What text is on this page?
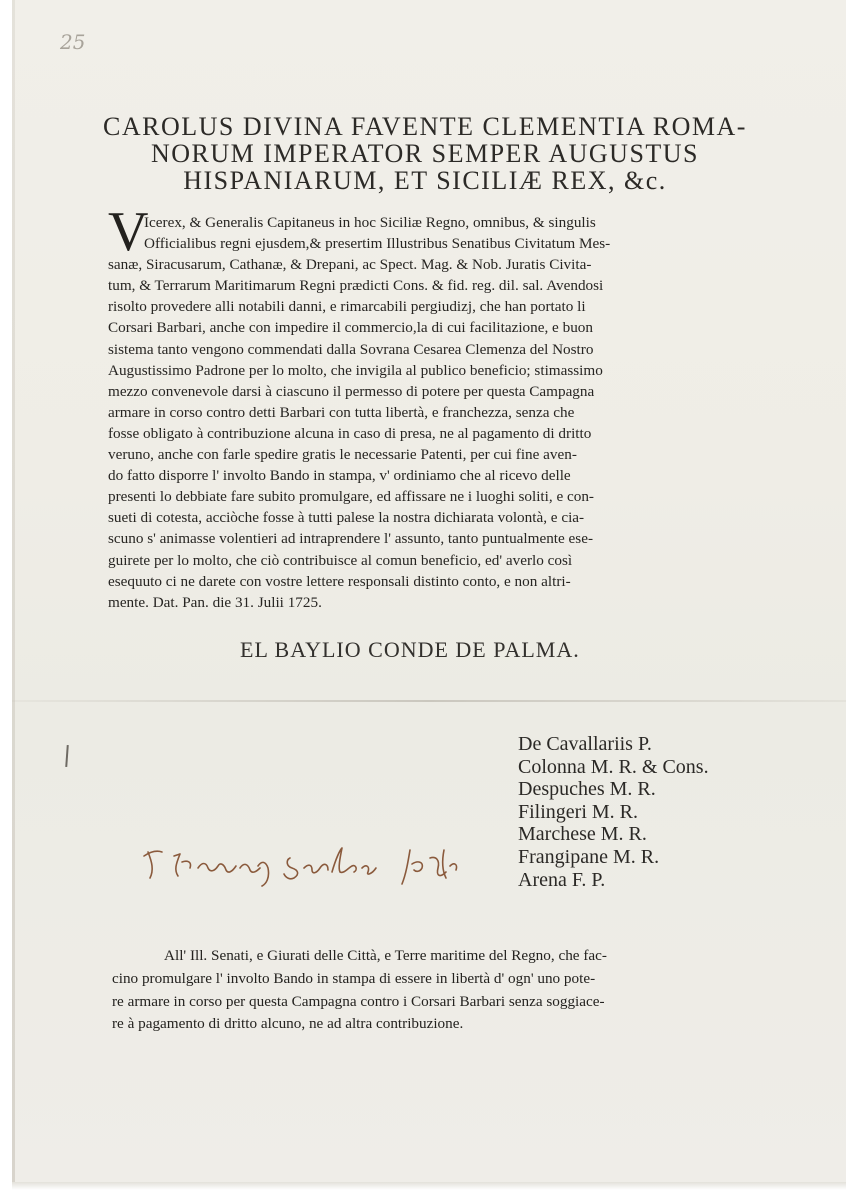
25
CAROLUS DIVINA FAVENTE CLEMENTIA ROMA-
NORUM IMPERATOR SEMPER AUGUSTUS
HISPANIARUM, ET SICILIÆ REX, &c.
V
Icerex, & Generalis Capitaneus in hoc Siciliæ Regno, omnibus, & singulis
Officialibus regni ejusdem,& presertim Illustribus Senatibus Civitatum Mes-
sanæ, Siracusarum, Cathanæ, & Drepani, ac Spect. Mag. & Nob. Juratis Civita-
tum, & Terrarum Maritimarum Regni prædicti Cons. & fid. reg. dil. sal. Avendosi
risolto provedere alli notabili danni, e rimarcabili pergiudizj, che han portato li
Corsari Barbari, anche con impedire il commercio,la di cui facilitazione, e buon
sistema tanto vengono commendati dalla Sovrana Cesarea Clemenza del Nostro
Augustissimo Padrone per lo molto, che invigila al publico beneficio; stimassimo
mezzo convenevole darsi à ciascuno il permesso di potere per questa Campagna
armare in corso contro detti Barbari con tutta libertà, e franchezza, senza che
fosse obligato à contribuzione alcuna in caso di presa, ne al pagamento di dritto
veruno, anche con farle spedire gratis le necessarie Patenti, per cui fine aven-
do fatto disporre l' involto Bando in stampa, v' ordiniamo che al ricevo delle
presenti lo debbiate fare subito promulgare, ed affissare ne i luoghi soliti, e con-
sueti di cotesta, acciòche fosse à tutti palese la nostra dichiarata volontà, e cia-
scuno s' animasse volentieri ad intraprendere l' assunto, tanto puntualmente ese-
guirete per lo molto, che ciò contribuisce al comun beneficio, ed' averlo così
esequuto ci ne darete con vostre lettere responsali distinto conto, e non altri-
mente. Dat. Pan. die 31. Julii 1725.
EL BAYLIO CONDE DE PALMA.
De Cavallariis P.
Colonna M. R. & Cons.
Despuches M. R.
Filingeri M. R.
Marchese M. R.
Frangipane M. R.
Arena F. P.
All' Ill. Senati, e Giurati delle Città, e Terre maritime del Regno, che fac-
cino promulgare l' involto Bando in stampa di essere in libertà d' ogn' uno pote-
re armare in corso per questa Campagna contro i Corsari Barbari senza soggiace-
re à pagamento di dritto alcuno, ne ad altra contribuzione.
